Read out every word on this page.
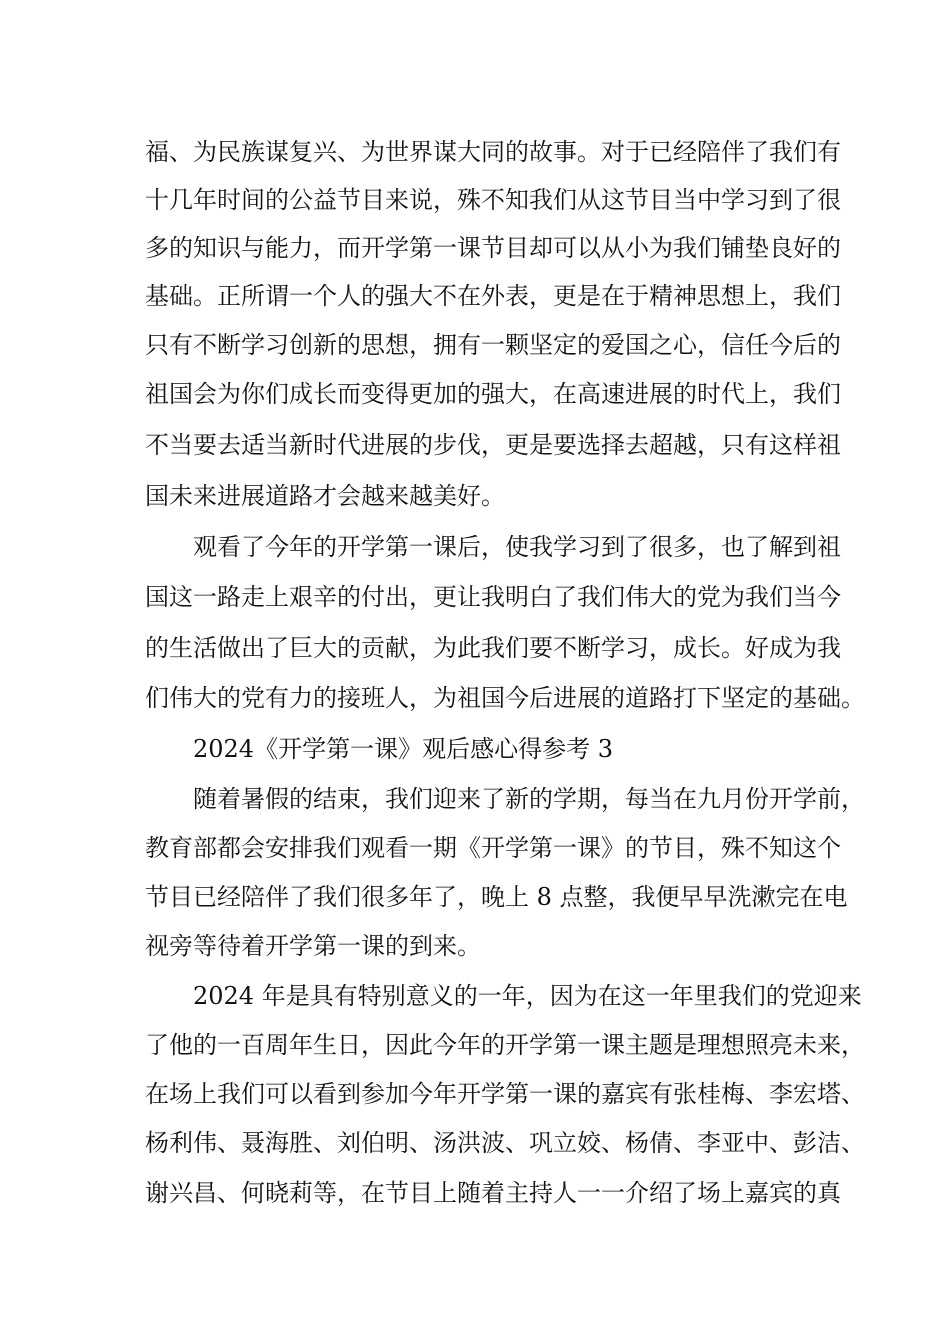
福、为民族谋复兴、为世界谋大同的故事。对于已经陪伴了我们有
十几年时间的公益节目来说，殊不知我们从这节目当中学习到了很
多的知识与能力，而开学第一课节目却可以从小为我们铺垫良好的
基础。正所谓一个人的强大不在外表，更是在于精神思想上，我们
只有不断学习创新的思想，拥有一颗坚定的爱国之心，信任今后的
祖国会为你们成长而变得更加的强大，在高速进展的时代上，我们
不当要去适当新时代进展的步伐，更是要选择去超越，只有这样祖
国未来进展道路才会越来越美好。
观看了今年的开学第一课后，使我学习到了很多，也了解到祖
国这一路走上艰辛的付出，更让我明白了我们伟大的党为我们当今
的生活做出了巨大的贡献，为此我们要不断学习，成长。好成为我
们伟大的党有力的接班人，为祖国今后进展的道路打下坚定的基础。
2024《开学第一课》观后感心得参考 3
随着暑假的结束，我们迎来了新的学期，每当在九月份开学前，
教育部都会安排我们观看一期《开学第一课》的节目，殊不知这个
节目已经陪伴了我们很多年了，晚上 8 点整，我便早早洗漱完在电
视旁等待着开学第一课的到来。
2024 年是具有特别意义的一年，因为在这一年里我们的党迎来
了他的一百周年生日，因此今年的开学第一课主题是理想照亮未来，
在场上我们可以看到参加今年开学第一课的嘉宾有张桂梅、李宏塔、
杨利伟、聂海胜、刘伯明、汤洪波、巩立姣、杨倩、李亚中、彭洁、
谢兴昌、何晓莉等，在节目上随着主持人一一介绍了场上嘉宾的真
